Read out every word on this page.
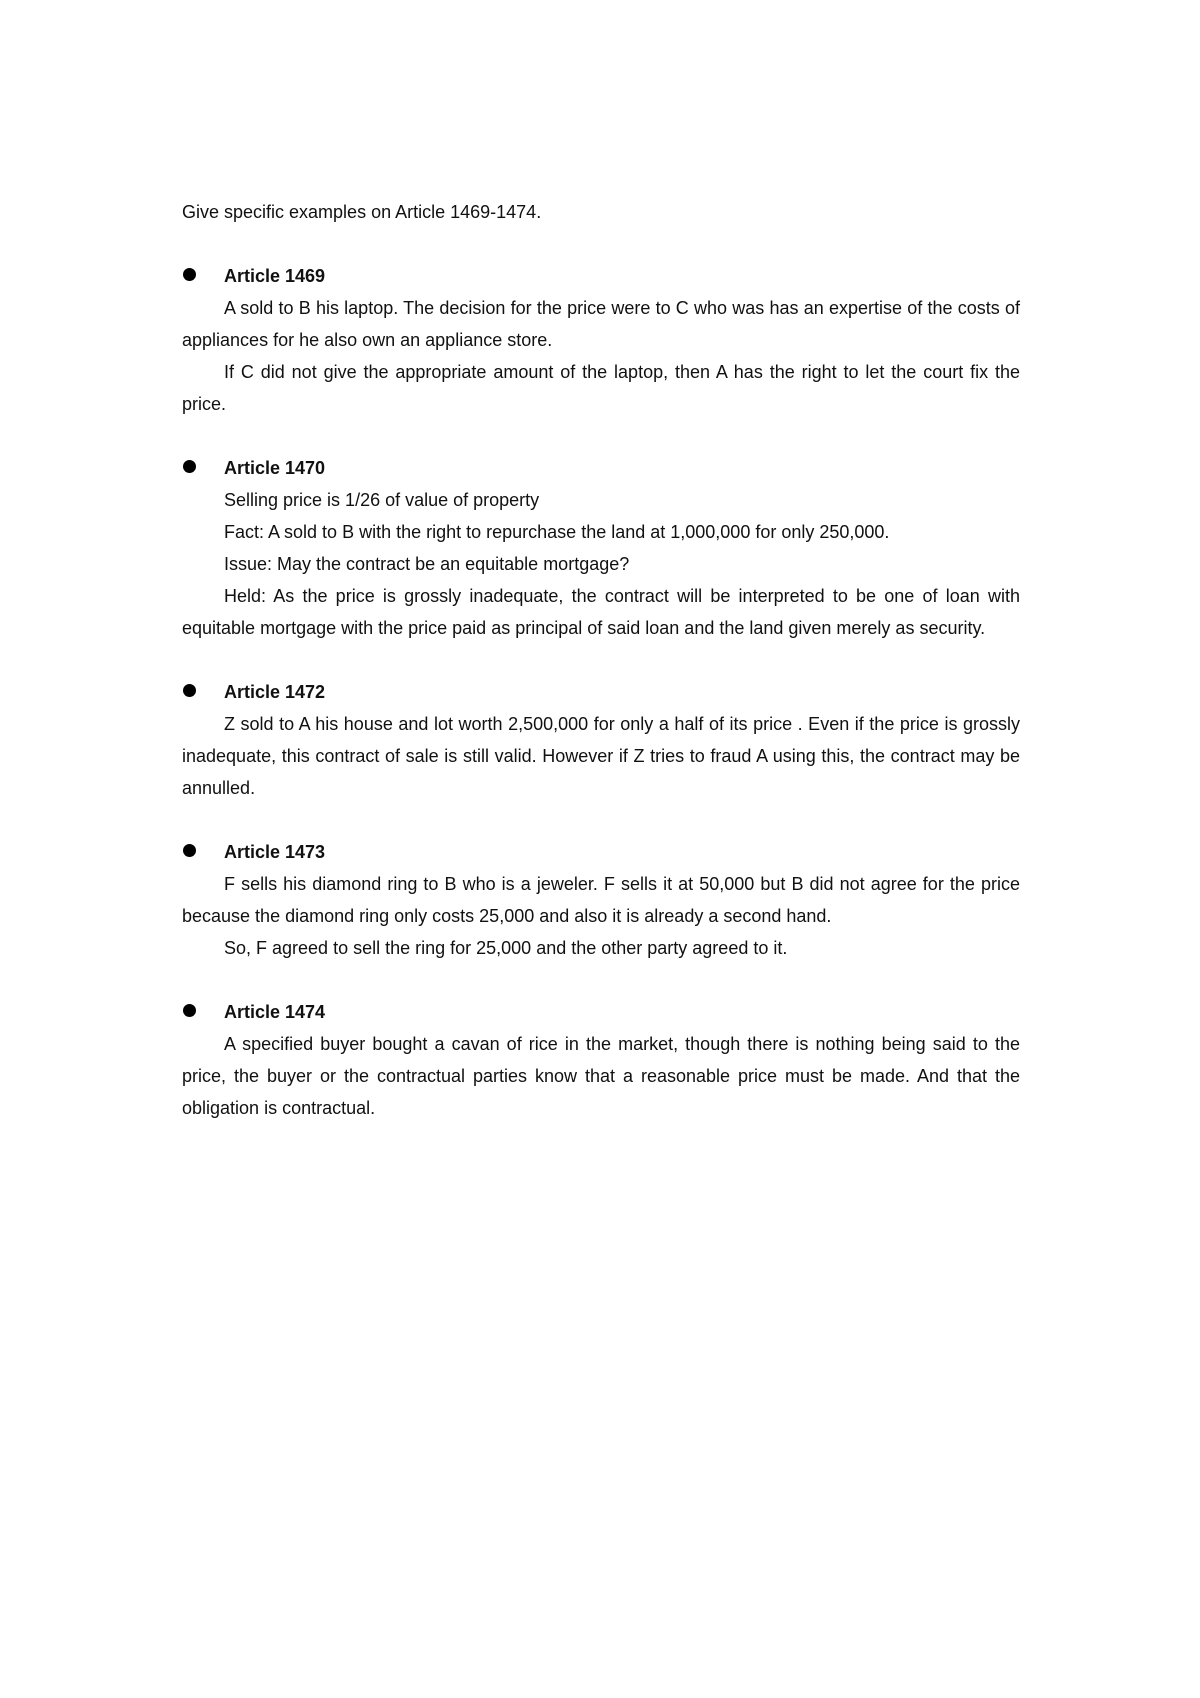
Give specific examples on Article 1469-1474.

Article 1469

A sold to B his laptop. The decision for the price were to C who was has an expertise of the costs of appliances for he also own an appliance store.

If C did not give the appropriate amount of the laptop, then A has the right to let the court fix the price.

Article 1470

Selling price is 1/26 of value of property

Fact: A sold to B with the right to repurchase the land at 1,000,000 for only 250,000.

Issue: May the contract be an equitable mortgage?

Held: As the price is grossly inadequate, the contract will be interpreted to be one of loan with equitable mortgage with the price paid as principal of said loan and the land given merely as security.

Article 1472

Z sold to A his house and lot worth 2,500,000 for only a half of its price . Even if the price is grossly inadequate, this contract of sale is still valid. However if Z tries to fraud A using this, the contract may be annulled.

Article 1473

F sells his diamond ring to B who is a jeweler. F sells it at 50,000 but B did not agree for the price because the diamond ring only costs 25,000 and also it is already a second hand.

So, F agreed to sell the ring for 25,000 and the other party agreed to it.

Article 1474

A specified buyer bought a cavan of rice in the market, though there is nothing being said to the price, the buyer or the contractual parties know that a reasonable price must be made. And that the obligation is contractual.
